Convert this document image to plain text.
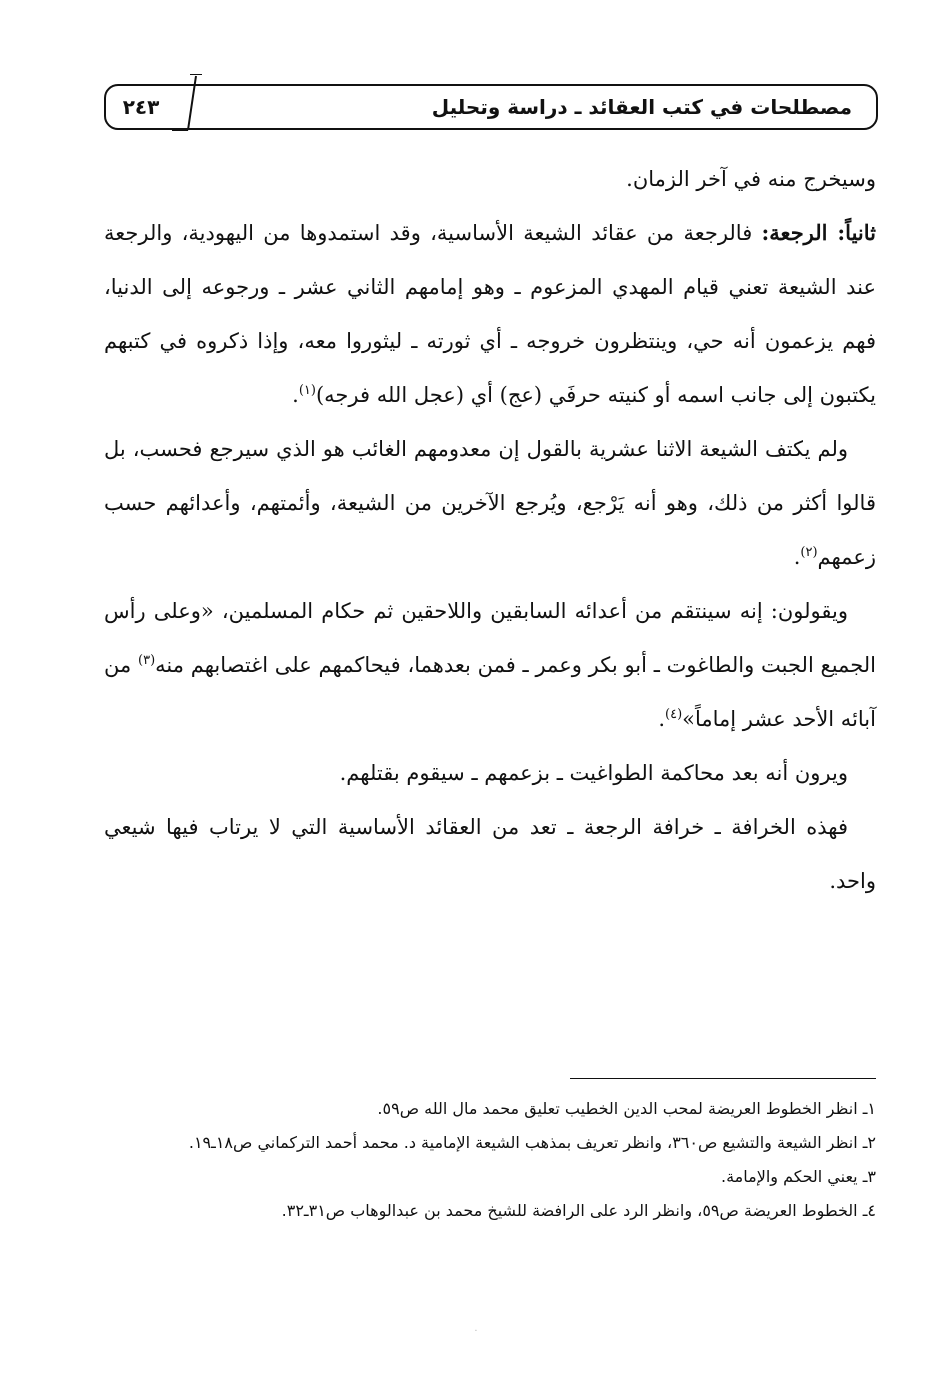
٢٤٣	مصطلحات في كتب العقائد ـ دراسة وتحليل

وسيخرج منه في آخر الزمان.

ثانياً: الرجعة: فالرجعة من عقائد الشيعة الأساسية، وقد استمدوها من اليهودية، والرجعة عند الشيعة تعني قيام المهدي المزعوم ـ وهو إمامهم الثاني عشر ـ ورجوعه إلى الدنيا، فهم يزعمون أنه حي، وينتظرون خروجه ـ أي ثورته ـ ليثوروا معه، وإذا ذكروه في كتبهم يكتبون إلى جانب اسمه أو كنيته حرفَي (عج) أي (عجل الله فرجه)$^{(١)}$.

ولم يكتف الشيعة الاثنا عشرية بالقول إن معدومهم الغائب هو الذي سيرجع فحسب، بل قالوا أكثر من ذلك، وهو أنه يَرْجع، ويُرجع الآخرين من الشيعة، وأئمتهم، وأعدائهم حسب زعمهم$^{(٢)}$.

ويقولون: إنه سينتقم من أعدائه السابقين واللاحقين ثم حكام المسلمين، «وعلى رأس الجميع الجبت والطاغوت ـ أبو بكر وعمر ـ فمن بعدهما، فيحاكمهم على اغتصابهم منه$^{(٣)}$ من آبائه الأحد عشر إماماً»$^{(٤)}$.

ويرون أنه بعد محاكمة الطواغيت ـ بزعمهم ـ سيقوم بقتلهم.

فهذه الخرافة ـ خرافة الرجعة ـ تعد من العقائد الأساسية التي لا يرتاب فيها شيعي واحد.

١ـ انظر الخطوط العريضة لمحب الدين الخطيب تعليق محمد مال الله ص٥٩.

٢ـ انظر الشيعة والتشيع ص٣٦٠، وانظر تعريف بمذهب الشيعة الإمامية د. محمد أحمد التركماني ص١٨ـ١٩.

٣ـ يعني الحكم والإمامة.

٤ـ الخطوط العريضة ص٥٩، وانظر الرد على الرافضة للشيخ محمد بن عبدالوهاب ص٣١ـ٣٢.

·
